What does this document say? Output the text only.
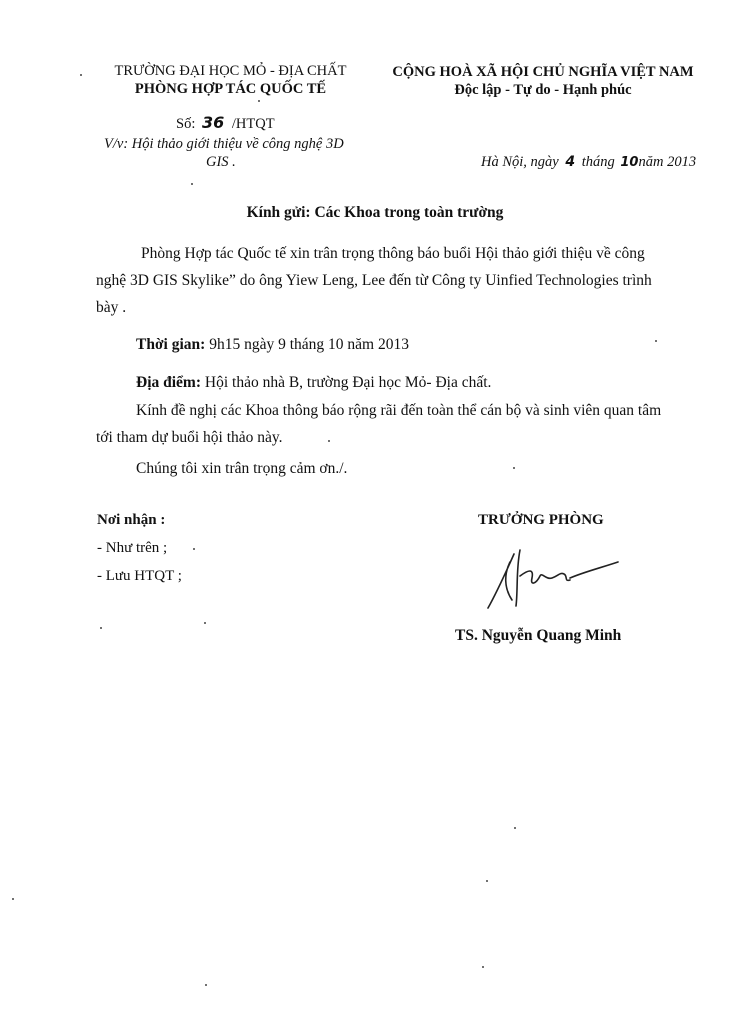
TRƯỜNG ĐẠI HỌC MỎ - ĐỊA CHẤT
PHÒNG HỢP TÁC QUỐC TẾ
CỘNG HOÀ XÃ HỘI CHỦ NGHĨA VIỆT NAM
Độc lập - Tự do - Hạnh phúc
Số: 36 /HTQT
V/v: Hội thảo giới thiệu về công nghệ 3D
GIS .	Hà Nội, ngày 4 tháng 10năm 2013
Kính gửi: Các Khoa trong toàn trường
Phòng Hợp tác Quốc tế xin trân trọng thông báo buổi Hội thảo giới thiệu về công
nghệ 3D GIS Skylike” do ông Yiew Leng, Lee đến từ Công ty Uinfied Technologies trình
bày .
Thời gian: 9h15 ngày 9 tháng 10 năm 2013
Địa điểm: Hội thảo nhà B, trường Đại học Mỏ- Địa chất.
Kính đề nghị các Khoa thông báo rộng rãi đến toàn thể cán bộ và sinh viên quan tâm
tới tham dự buổi hội thảo này.
Chúng tôi xin trân trọng cảm ơn./.
Nơi nhận :
- Như trên ;
- Lưu HTQT ;
TRƯỞNG PHÒNG
TS. Nguyễn Quang Minh
